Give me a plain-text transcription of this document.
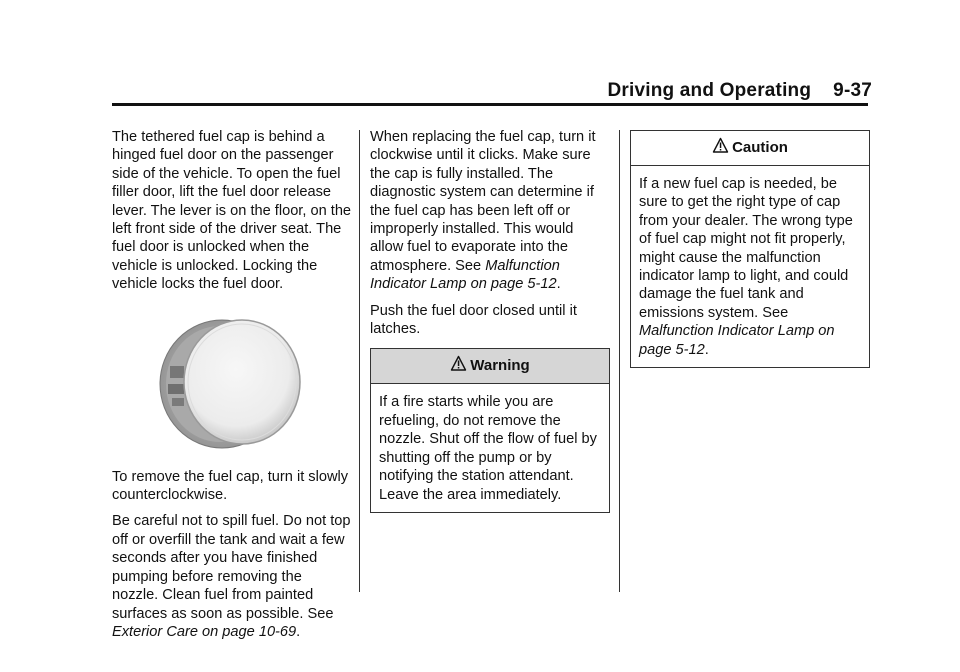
Driving and Operating 9-37

The tethered fuel cap is behind a hinged fuel door on the passenger side of the vehicle. To open the fuel filler door, lift the fuel door release lever. The lever is on the floor, on the left front side of the driver seat. The fuel door is unlocked when the vehicle is unlocked. Locking the vehicle locks the fuel door.

To remove the fuel cap, turn it slowly counterclockwise.

Be careful not to spill fuel. Do not top off or overfill the tank and wait a few seconds after you have finished pumping before removing the nozzle. Clean fuel from painted surfaces as soon as possible. See Exterior Care on page 10-69.

When replacing the fuel cap, turn it clockwise until it clicks. Make sure the cap is fully installed. The diagnostic system can determine if the fuel cap has been left off or improperly installed. This would allow fuel to evaporate into the atmosphere. See Malfunction Indicator Lamp on page 5-12.

Push the fuel door closed until it latches.

Warning
If a fire starts while you are refueling, do not remove the nozzle. Shut off the flow of fuel by shutting off the pump or by notifying the station attendant. Leave the area immediately.
Caution
If a new fuel cap is needed, be sure to get the right type of cap from your dealer. The wrong type of fuel cap might not fit properly, might cause the malfunction indicator lamp to light, and could damage the fuel tank and emissions system. See Malfunction Indicator Lamp on page 5-12.
